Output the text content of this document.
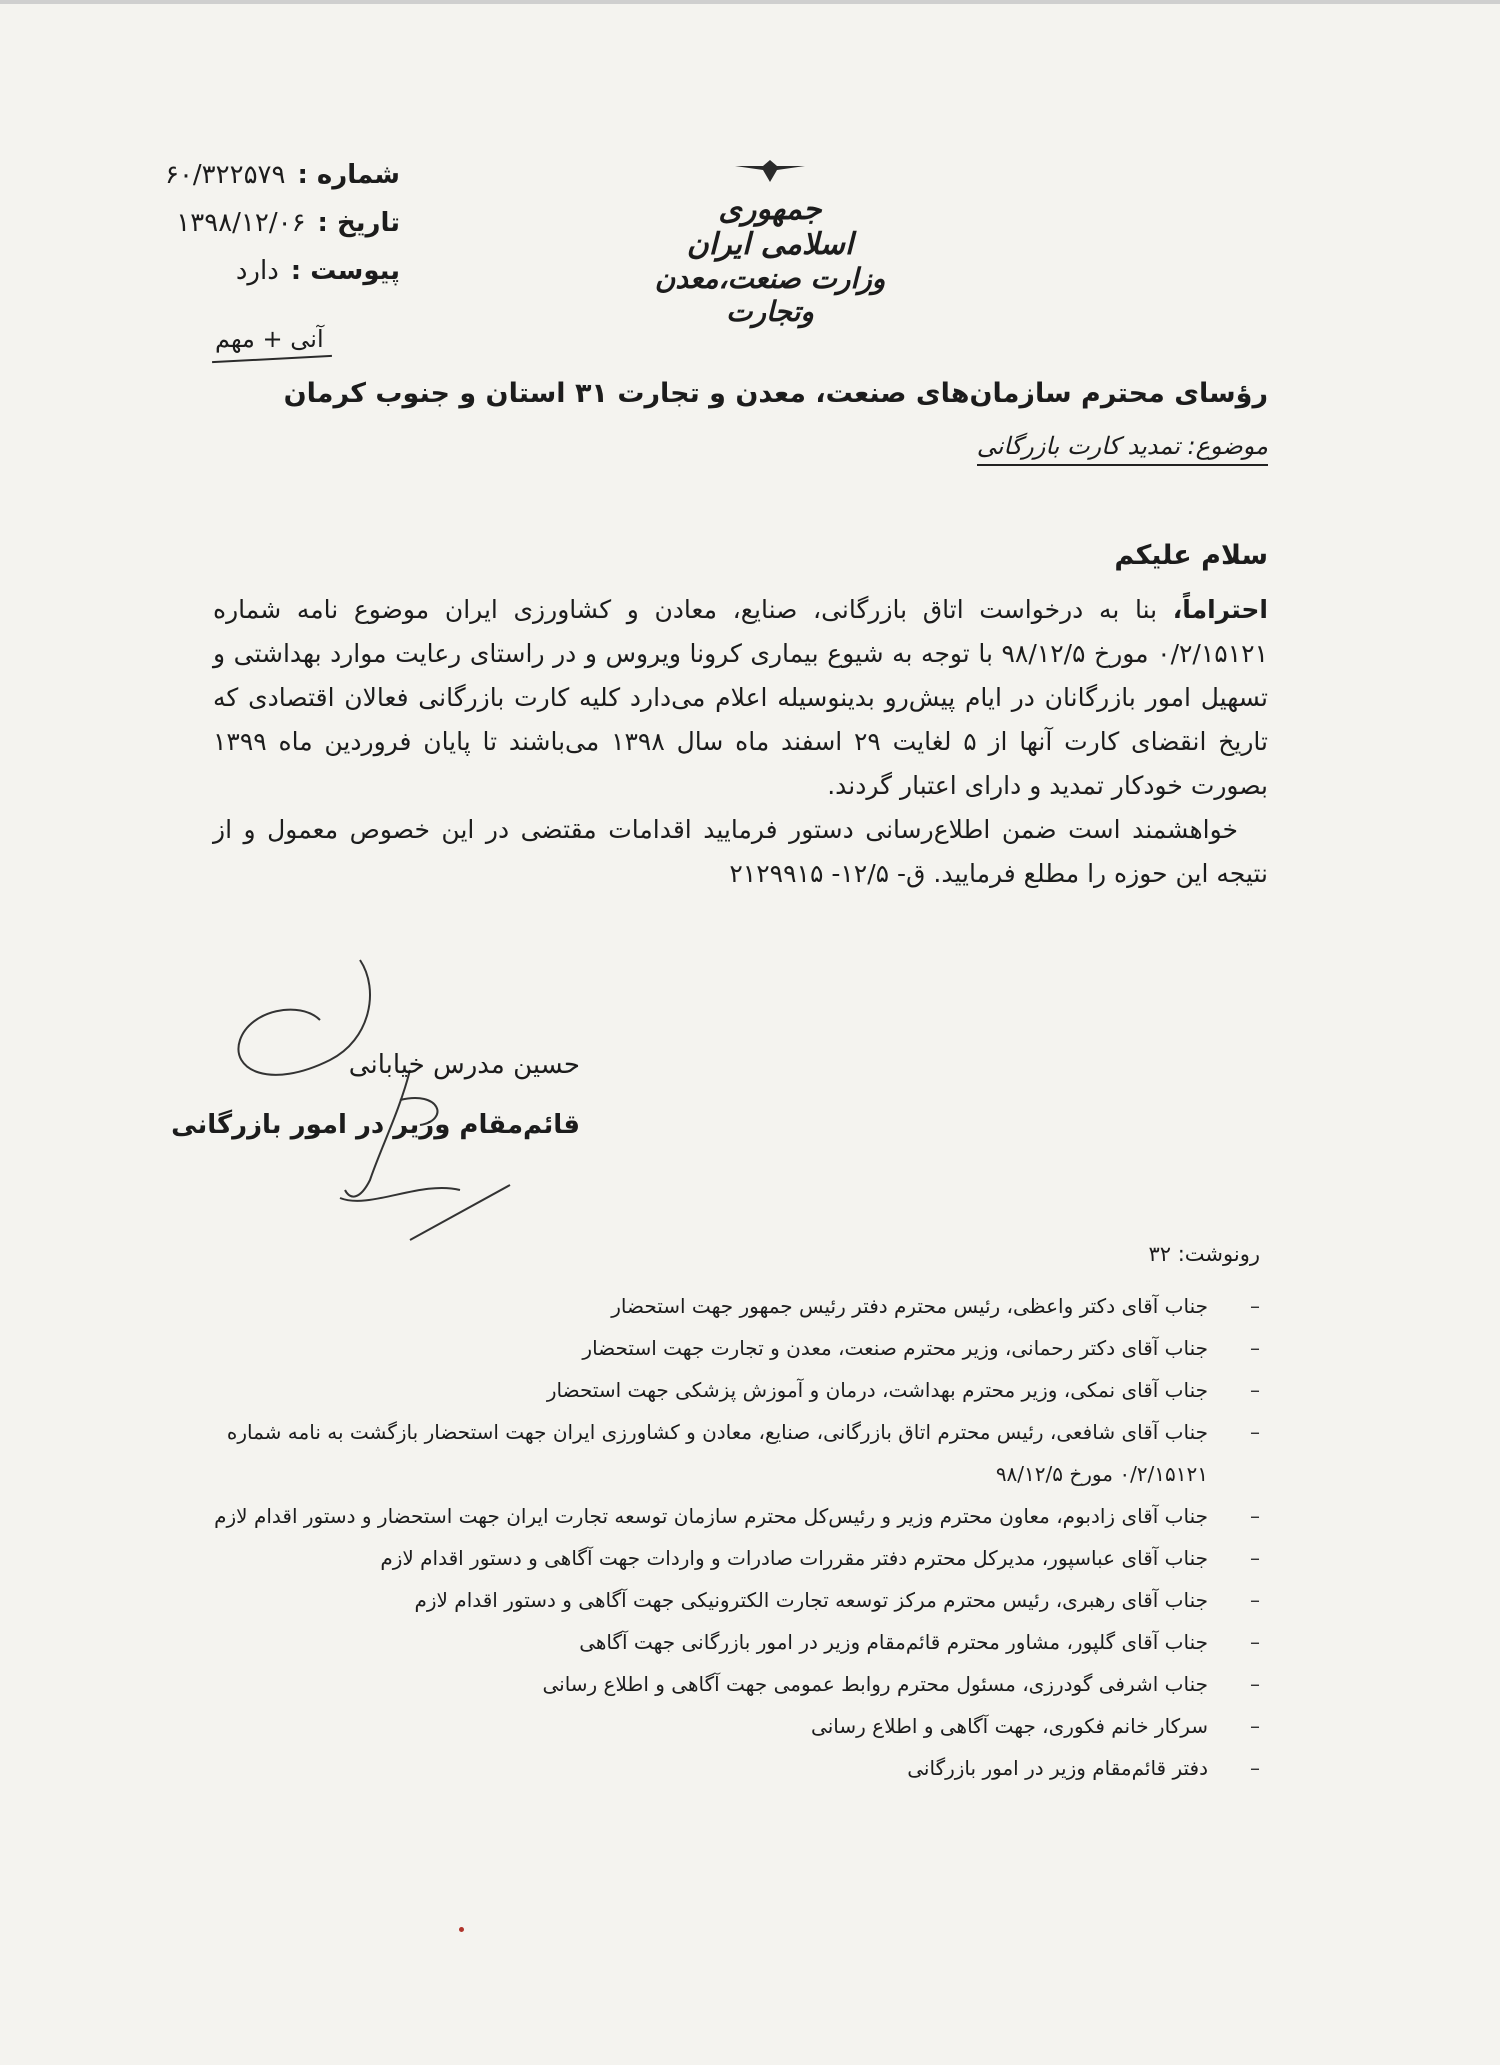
شماره :
۶۰/۳۲۲۵۷۹
تاریخ :
۱۳۹۸/۱۲/۰۶
پیوست :
دارد
آنی + مهم
جمهوری اسلامی ایران
وزارت صنعت،معدن وتجارت
رؤسای محترم سازمان‌های صنعت، معدن و تجارت ۳۱ استان و جنوب کرمان
موضوع: تمدید کارت بازرگانی
سلام علیکم

احتراماً، بنا به درخواست اتاق بازرگانی، صنایع، معادن و کشاورزی ایران موضوع نامه شماره ۰/۲/۱۵۱۲۱ مورخ ۹۸/۱۲/۵ با توجه به شیوع بیماری کرونا ویروس و در راستای رعایت موارد بهداشتی و تسهیل امور بازرگانان در ایام پیش‌رو بدینوسیله اعلام می‌دارد کلیه کارت بازرگانی فعالان اقتصادی که تاریخ انقضای کارت آنها از ۵ لغایت ۲۹ اسفند ماه سال ۱۳۹۸ می‌باشند تا پایان فروردین ماه ۱۳۹۹ بصورت خودکار تمدید و دارای اعتبار گردند.

خواهشمند است ضمن اطلاع‌رسانی دستور فرمایید اقدامات مقتضی در این خصوص معمول و از نتیجه این حوزه را مطلع فرمایید. ق- ۱۲/۵- ۲۱۲۹۹۱۵

حسین مدرس خیابانی
قائم‌مقام وزیر در امور بازرگانی
رونوشت: ۳۲
– جناب آقای دکتر واعظی، رئیس محترم دفتر رئیس جمهور جهت استحضار
– جناب آقای دکتر رحمانی، وزیر محترم صنعت، معدن و تجارت جهت استحضار
– جناب آقای نمکی، وزیر محترم بهداشت، درمان و آموزش پزشکی جهت استحضار
– جناب آقای شافعی، رئیس محترم اتاق بازرگانی، صنایع، معادن و کشاورزی ایران جهت استحضار بازگشت به نامه شماره ۰/۲/۱۵۱۲۱ مورخ ۹۸/۱۲/۵
– جناب آقای زادبوم، معاون محترم وزیر و رئیس‌کل محترم سازمان توسعه تجارت ایران جهت استحضار و دستور اقدام لازم
– جناب آقای عباسپور، مدیرکل محترم دفتر مقررات صادرات و واردات جهت آگاهی و دستور اقدام لازم
– جناب آقای رهبری، رئیس محترم مرکز توسعه تجارت الکترونیکی جهت آگاهی و دستور اقدام لازم
– جناب آقای گلپور، مشاور محترم قائم‌مقام وزیر در امور بازرگانی جهت آگاهی
– جناب اشرفی گودرزی، مسئول محترم روابط عمومی جهت آگاهی و اطلاع رسانی
– سرکار خانم فکوری، جهت آگاهی و اطلاع رسانی
– دفتر قائم‌مقام وزیر در امور بازرگانی
